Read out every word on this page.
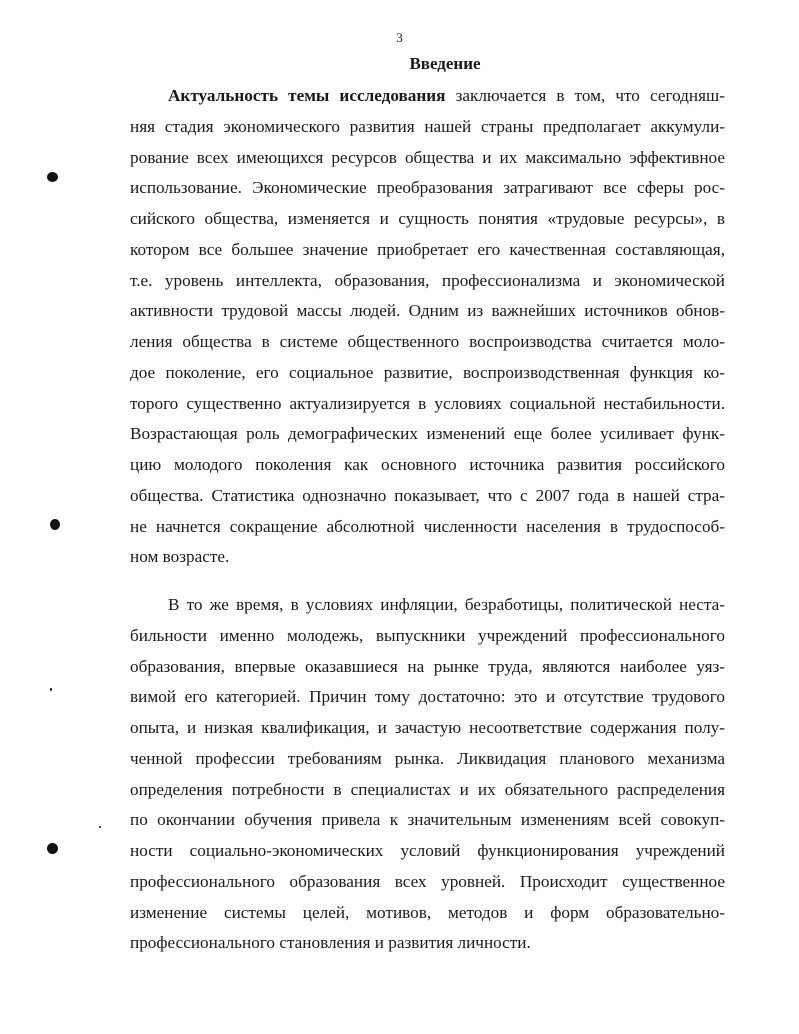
3
Введение
Актуальность темы исследования заключается в том, что сегодняш-
няя стадия экономического развития нашей страны предполагает аккумули-
рование всех имеющихся ресурсов общества и их максимально эффективное
использование. Экономические преобразования затрагивают все сферы рос-
сийского общества, изменяется и сущность понятия «трудовые ресурсы», в
котором все большее значение приобретает его качественная составляющая,
т.е. уровень интеллекта, образования, профессионализма и экономической
активности трудовой массы людей. Одним из важнейших источников обнов-
ления общества в системе общественного воспроизводства считается моло-
дое поколение, его социальное развитие, воспроизводственная функция ко-
торого существенно актуализируется в условиях социальной нестабильности.
Возрастающая роль демографических изменений еще более усиливает функ-
цию молодого поколения как основного источника развития российского
общества. Статистика однозначно показывает, что с 2007 года в нашей стра-
не начнется сокращение абсолютной численности населения в трудоспособ-
ном возрасте.
В то же время, в условиях инфляции, безработицы, политической неста-
бильности именно молодежь, выпускники учреждений профессионального
образования, впервые оказавшиеся на рынке труда, являются наиболее уяз-
вимой его категорией. Причин тому достаточно: это и отсутствие трудового
опыта, и низкая квалификация, и зачастую несоответствие содержания полу-
ченной профессии требованиям рынка. Ликвидация планового механизма
определения потребности в специалистах и их обязательного распределения
по окончании обучения привела к значительным изменениям всей совокуп-
ности социально-экономических условий функционирования учреждений
профессионального образования всех уровней. Происходит существенное
изменение системы целей, мотивов, методов и форм образовательно-
профессионального становления и развития личности.
